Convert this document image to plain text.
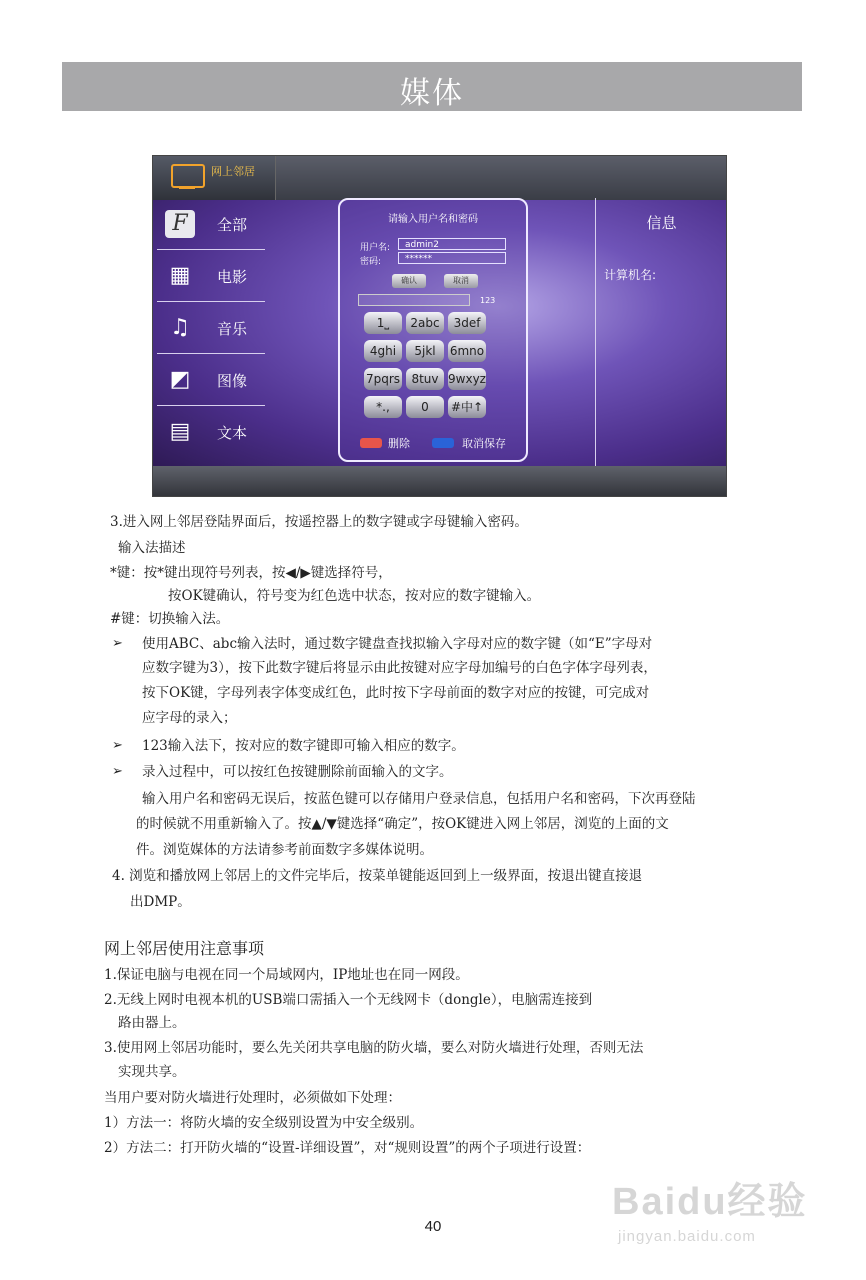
媒体
网上邻居
F	全部
▦	电影
♫	音乐
◩	图像
▤	文本
请输入用户名和密码
用户名:	admin2
密码:	******
确认	取消
123
1⎵	2abc	3def
4ghi	5jkl	6mno
7pqrs 8tuv 9wxyz
*.,	0	#中↑
删除	取消保存
信息
计算机名:
3.进入网上邻居登陆界面后，按遥控器上的数字键或字母键输入密码。
输入法描述
*键：按*键出现符号列表，按◀/▶键选择符号，
按OK键确认，符号变为红色选中状态，按对应的数字键输入。
#键：切换输入法。
➢ 使用ABC、abc输入法时，通过数字键盘查找拟输入字母对应的数字键（如“E”字母对
应数字键为3），按下此数字键后将显示由此按键对应字母加编号的白色字体字母列表，
按下OK键，字母列表字体变成红色，此时按下字母前面的数字对应的按键，可完成对
应字母的录入；
➢ 123输入法下，按对应的数字键即可输入相应的数字。
➢ 录入过程中，可以按红色按键删除前面输入的文字。
输入用户名和密码无误后，按蓝色键可以存储用户登录信息，包括用户名和密码，下次再登陆
的时候就不用重新输入了。按▲/▼键选择“确定”，按OK键进入网上邻居，浏览的上面的文
件。浏览媒体的方法请参考前面数字多媒体说明。
4. 浏览和播放网上邻居上的文件完毕后，按菜单键能返回到上一级界面，按退出键直接退
出DMP。
网上邻居使用注意事项
1.保证电脑与电视在同一个局域网内，IP地址也在同一网段。
2.无线上网时电视本机的USB端口需插入一个无线网卡（dongle），电脑需连接到
路由器上。
3.使用网上邻居功能时，要么先关闭共享电脑的防火墙，要么对防火墙进行处理，否则无法
实现共享。
当用户要对防火墙进行处理时，必须做如下处理：
1）方法一：将防火墙的安全级别设置为中安全级别。
2）方法二：打开防火墙的“设置-详细设置”，对“规则设置”的两个子项进行设置：
40
Baidu经验
jingyan.baidu.com
